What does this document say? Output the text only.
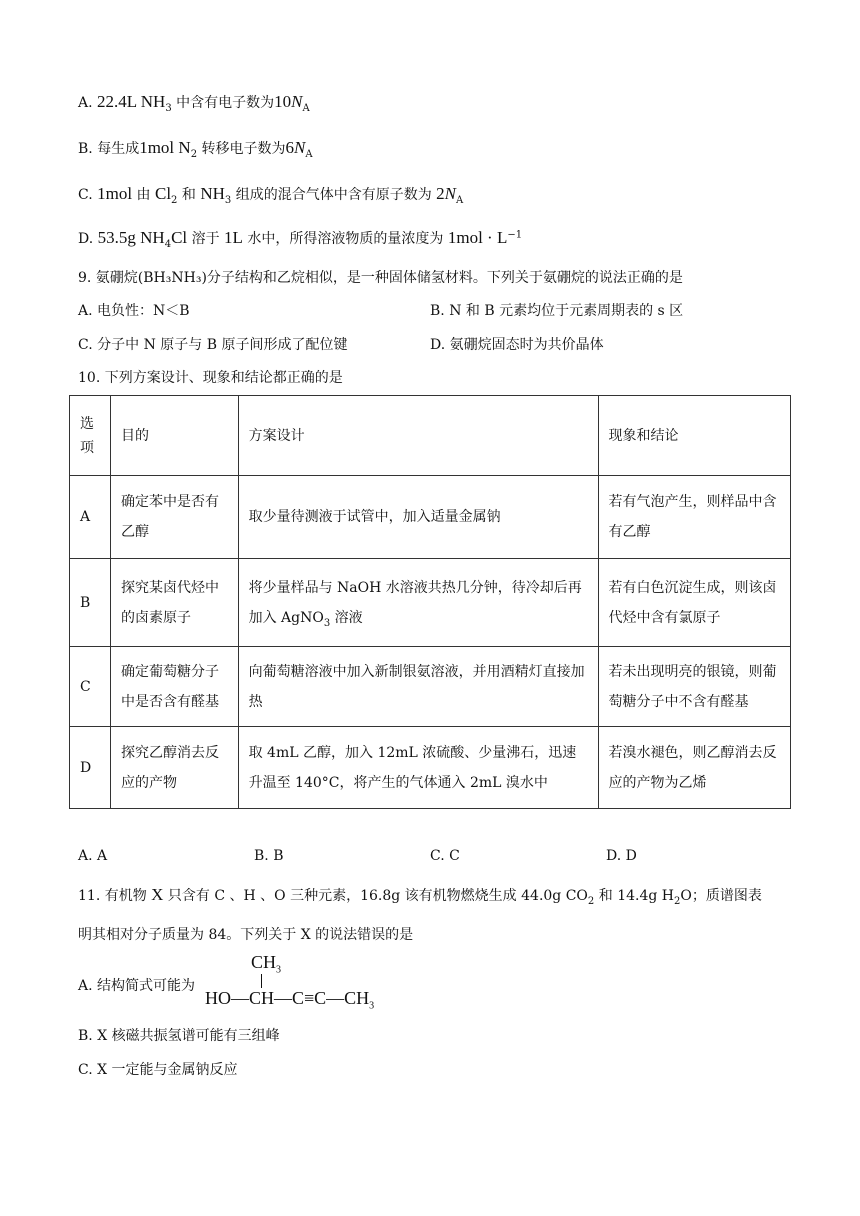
A. 22.4L $NH_3$ 中含有电子数为$10N_A$
B. 每生成1mol $N_2$ 转移电子数为$6N_A$
C. 1mol 由 $Cl_2$ 和 $NH_3$ 组成的混合气体中含有原子数为 $2N_A$
D. 53.5g $NH_4Cl$ 溶于 1L 水中，所得溶液物质的量浓度为 $1mol \cdot L^{-1}$
9. 氨硼烷(BH₃NH₃)分子结构和乙烷相似，是一种固体储氢材料。下列关于氨硼烷的说法正确的是
A. 电负性：N＜B	B. N 和 B 元素均位于元素周期表的 s 区
C. 分子中 N 原子与 B 原子间形成了配位键	D. 氨硼烷固态时为共价晶体
10. 下列方案设计、现象和结论都正确的是
选项	目的	方案设计	现象和结论
A	确定苯中是否有乙醇	取少量待测液于试管中，加入适量金属钠	若有气泡产生，则样品中含有乙醇
B	探究某卤代烃中的卤素原子	将少量样品与 NaOH 水溶液共热几分钟，待冷却后再加入 AgNO$_3$ 溶液	若有白色沉淀生成，则该卤代烃中含有氯原子
C	确定葡萄糖分子中是否含有醛基	向葡萄糖溶液中加入新制银氨溶液，并用酒精灯直接加热	若未出现明亮的银镜，则葡萄糖分子中不含有醛基
D	探究乙醇消去反应的产物	取 4mL 乙醇，加入 12mL 浓硫酸、少量沸石，迅速升温至 140°C，将产生的气体通入 2mL 溴水中	若溴水褪色，则乙醇消去反应的产物为乙烯
A. A	B. B	C. C	D. D
11. 有机物 X 只含有 C 、H 、O 三种元素，16.8g 该有机物燃烧生成 44.0g $CO_2$ 和 14.4g $H_2O$；质谱图表
明其相对分子质量为 84。下列关于 X 的说法错误的是
A. 结构简式可能为
$CH_3$
$HO—CH—C\equiv C—CH_3$
B. X 核磁共振氢谱可能有三组峰
C. X 一定能与金属钠反应
